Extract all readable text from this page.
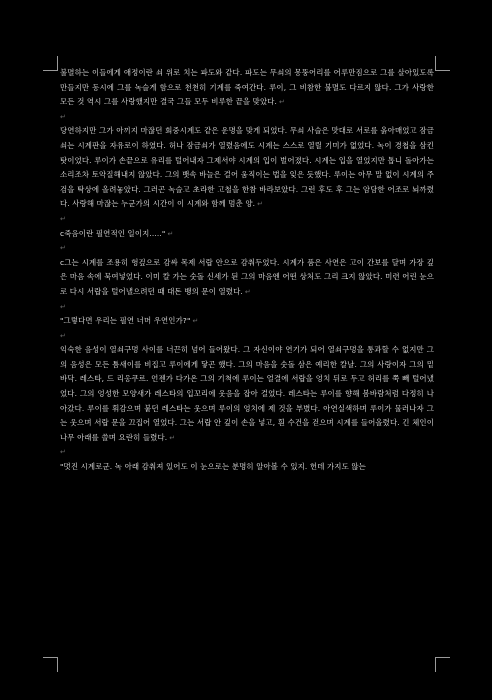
불멸하는 이들에게 애정이란 쇠 위로 치는 파도와 같다. 파도는 무쇠의 몽뚱어리를 어루만짐으로 그를 살아있도록 만들지만 동시에 그를 녹슬게 함으로 천천히 기계를 죽여간다. 루이, 그 비참한 불멸도 다르지 않다. 그가 사랑한 모든 것 역시 그를 사랑했지만 결국 그들 모두 비루한 끝을 맞았다. ↵

↵

당연하지만 그가 아끼지 마잖던 회중시계도 같은 운명을 맞게 되었다. 무쇠 사슬은 맛대로 서로를 옭아매었고 잠금쇠는 시계판을 자유로이 하였다. 허나 잠금쇠가 열렸음에도 시계는 스스로 열릴 기미가 없었다. 녹이 경첩을 삼킨 탓이었다. 루이가 손끝으로 유리를 털어내자 그제서야 시계의 입이 벌어졌다. 시계는 입을 열었지만 톱니 돌아가는 소리조차 토악질해내지 않았다. 그의 뱃속 바늘은 걸어 움직이는 법을 잊은 듯했다. 루이는 아무 말 없이 시계의 주검을 탁상에 올려놓았다. 그러곤 녹슬고 초라한 고철을 한참 바라보았다. 그런 후도 후 그는 암담한 어조로 뇌까렸다. 사랑해 마잖는 누군가의 시간이 이 시계와 함께 멈춘 양. ↵

↵

c죽음이란 필연적인 일이지....." ↵

↵

c그는 시계를 조용히 헝겊으로 감싸 목제 서랍 안으로 감춰두었다. 시계가 품은 사연은 고이 간보를 달며 가장 깊은 마음 속에 묵여넣었다. 이미 칼 가는 숫돌 신세가 된 그의 마음엔 어떤 상처도 그리 크지 않았다. 미련 어린 눈으로 다시 서랍을 털어낼으려던 때 대돈 뱅의 문이 열렸다. ↵

↵

"그렇다면 우리는 필연 너머 우연인가?" ↵

↵

익숙한 음성이 열쇠구멍 사이를 너끈히 넘어 들어왔다. 그 자신이야 연기가 되어 열쇠구멍을 통과할 수 없지만 그의 음성은 모든 틈새이를 비집고 루이에게 닿곤 했다. 그의 마음을 숫돌 삼은 예리한 칼날. 그의 사랑이자 그의 밑바닥. 레스타, 드 리옹쿠르. 언젠가 다가온 그의 기척에 루이는 얼결에 서랍을 엉치 뒤로 두고 허리를 쭉 빼 털어냈었다. 그의 엉성한 모양새가 레스타의 입꼬리에 웃음을 잡아 걸었다. 레스타는 루이를 향해 봄바람처럼 다정히 나아갔다. 루이를 휘감으며 붙던 레스타는 웃으며 루이의 엉치에 제 것을 부볐다. 아연실색하며 루이가 물러나자 그는 웃으며 서랍 문을 끄집어 열었다. 그는 서랍 안 깊이 손을 넣고, 흰 수건을 걷으며 시계를 들어올렸다. 긴 체인이 나무 아래를 쓸며 요란히 들렸다. ↵

↵

"멋진 시계로군. 녹 아래 감춰져 있어도 이 눈으로는 분명히 알아볼 수 있지. 헌데 가지도 않는
